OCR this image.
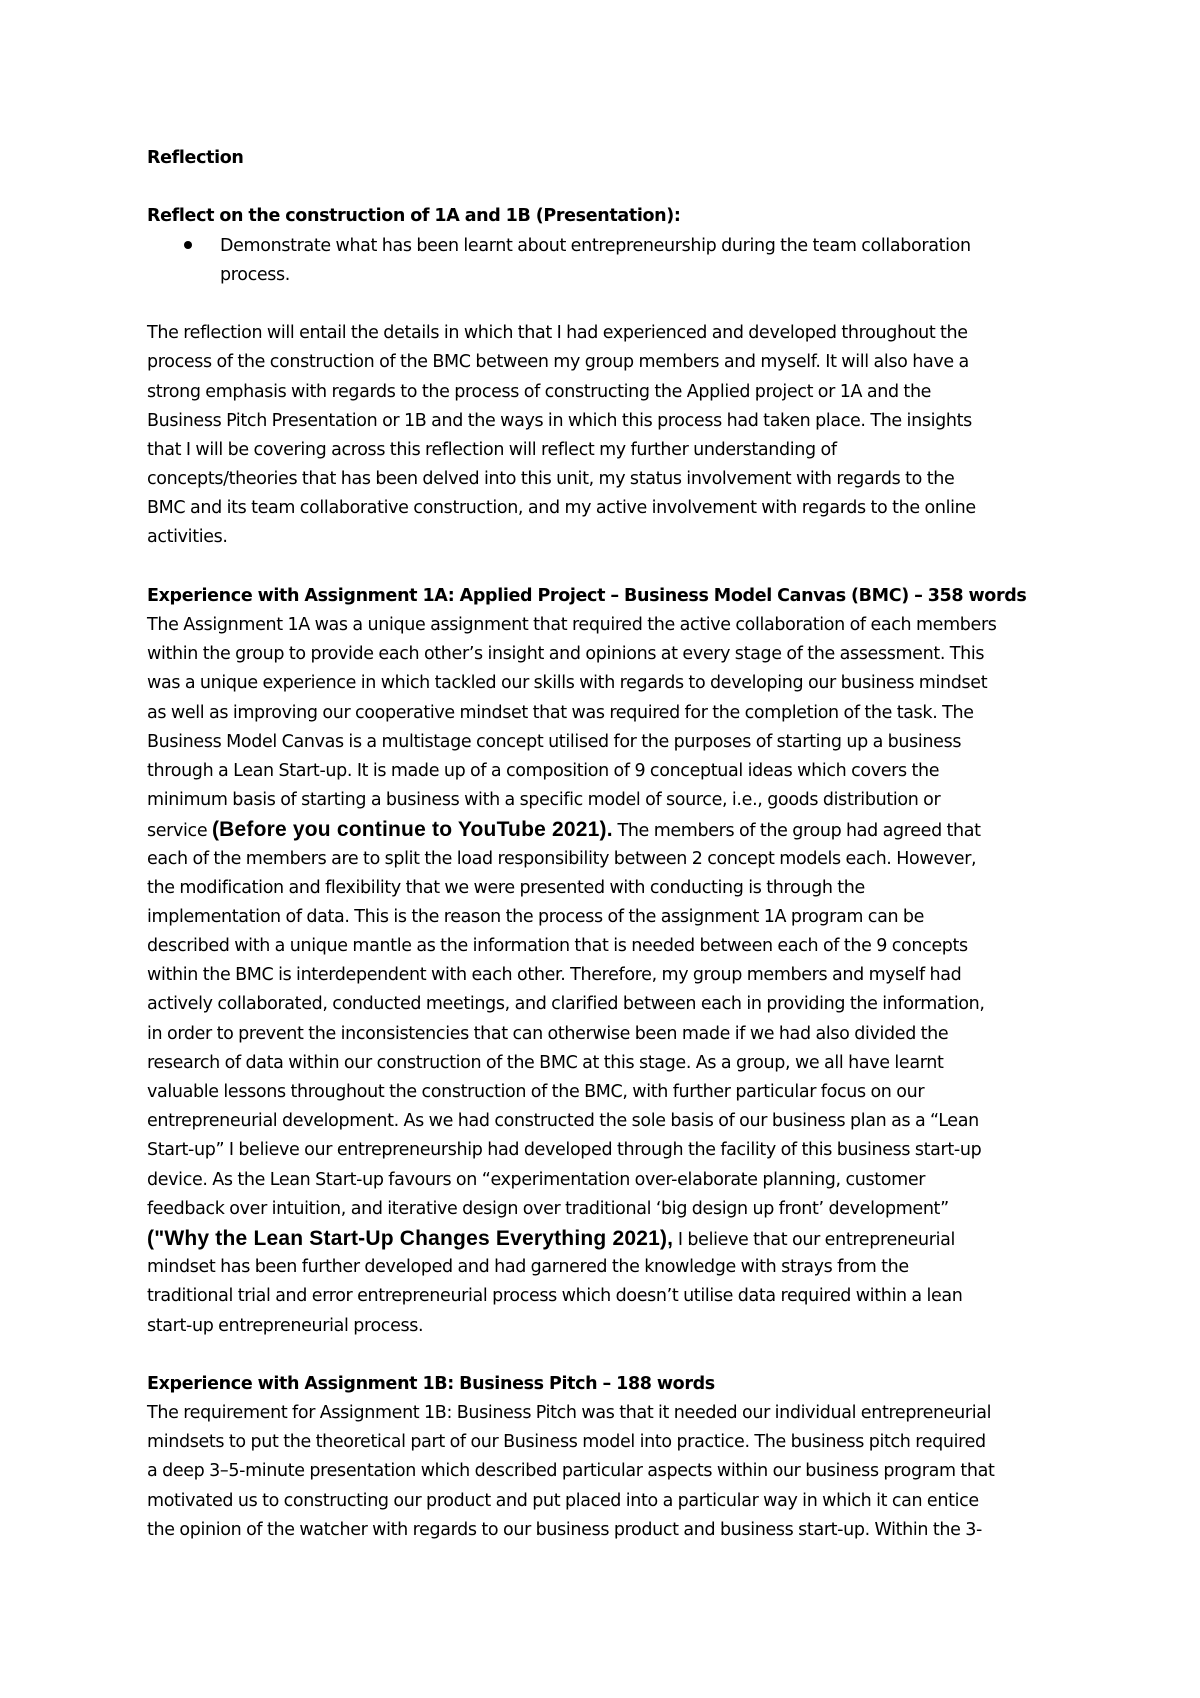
Reflection
Reflect on the construction of 1A and 1B (Presentation):
Demonstrate what has been learnt about entrepreneurship during the team collaboration
process.
The reflection will entail the details in which that I had experienced and developed throughout the
process of the construction of the BMC between my group members and myself. It will also have a
strong emphasis with regards to the process of constructing the Applied project or 1A and the
Business Pitch Presentation or 1B and the ways in which this process had taken place. The insights
that I will be covering across this reflection will reflect my further understanding of
concepts/theories that has been delved into this unit, my status involvement with regards to the
BMC and its team collaborative construction, and my active involvement with regards to the online
activities.
Experience with Assignment 1A: Applied Project – Business Model Canvas (BMC) – 358 words
The Assignment 1A was a unique assignment that required the active collaboration of each members
within the group to provide each other’s insight and opinions at every stage of the assessment. This
was a unique experience in which tackled our skills with regards to developing our business mindset
as well as improving our cooperative mindset that was required for the completion of the task. The
Business Model Canvas is a multistage concept utilised for the purposes of starting up a business
through a Lean Start-up. It is made up of a composition of 9 conceptual ideas which covers the
minimum basis of starting a business with a specific model of source, i.e., goods distribution or
service (Before you continue to YouTube 2021). The members of the group had agreed that
each of the members are to split the load responsibility between 2 concept models each. However,
the modification and flexibility that we were presented with conducting is through the
implementation of data. This is the reason the process of the assignment 1A program can be
described with a unique mantle as the information that is needed between each of the 9 concepts
within the BMC is interdependent with each other. Therefore, my group members and myself had
actively collaborated, conducted meetings, and clarified between each in providing the information,
in order to prevent the inconsistencies that can otherwise been made if we had also divided the
research of data within our construction of the BMC at this stage. As a group, we all have learnt
valuable lessons throughout the construction of the BMC, with further particular focus on our
entrepreneurial development. As we had constructed the sole basis of our business plan as a “Lean
Start-up” I believe our entrepreneurship had developed through the facility of this business start-up
device. As the Lean Start-up favours on “experimentation over-elaborate planning, customer
feedback over intuition, and iterative design over traditional ‘big design up front’ development”
("Why the Lean Start-Up Changes Everything 2021), I believe that our entrepreneurial
mindset has been further developed and had garnered the knowledge with strays from the
traditional trial and error entrepreneurial process which doesn’t utilise data required within a lean
start-up entrepreneurial process.
Experience with Assignment 1B: Business Pitch – 188 words
The requirement for Assignment 1B: Business Pitch was that it needed our individual entrepreneurial
mindsets to put the theoretical part of our Business model into practice. The business pitch required
a deep 3–5-minute presentation which described particular aspects within our business program that
motivated us to constructing our product and put placed into a particular way in which it can entice
the opinion of the watcher with regards to our business product and business start-up. Within the 3-
